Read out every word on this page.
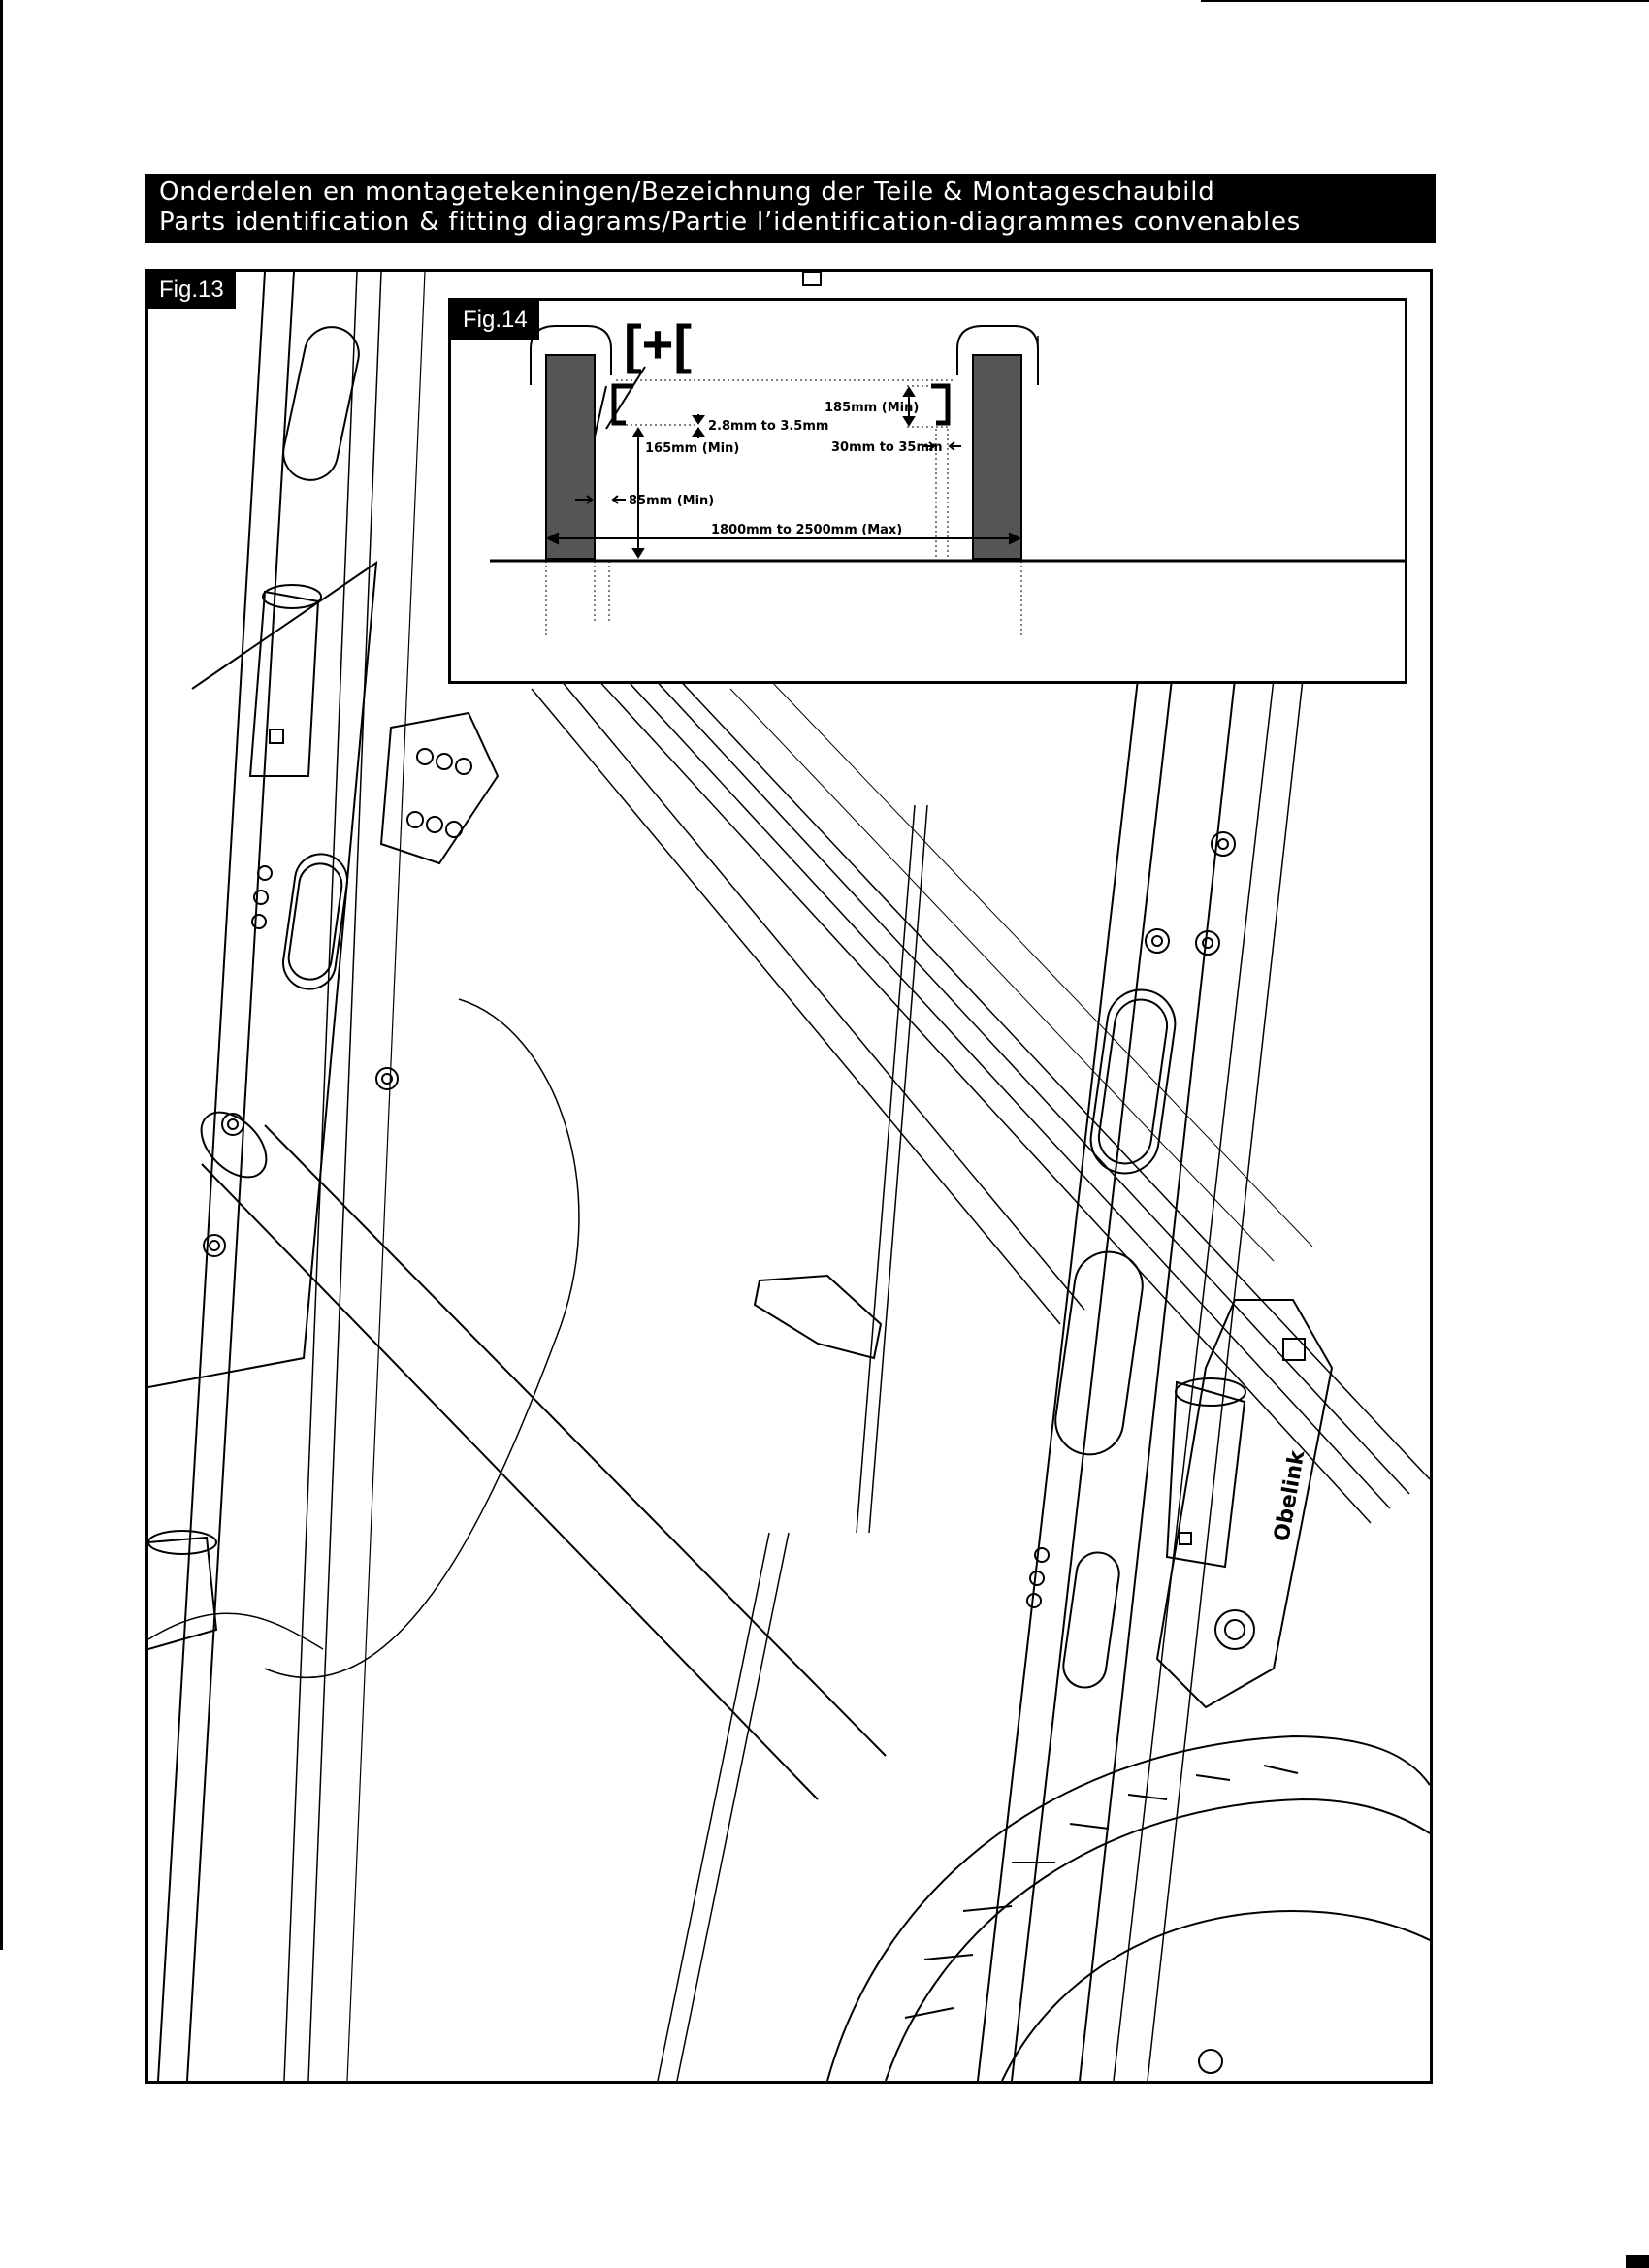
Onderdelen en montagetekeningen/Bezeichnung der Teile & Montageschaubild
Parts identification & fitting diagrams/Partie l’identification-diagrammes convenables
Obelink
Fig.13
[+[
185mm (Min)
2.8mm to 3.5mm
165mm (Min)	30mm to 35mm
85mm (Min)
1800mm to 2500mm (Max)
Fig.14
